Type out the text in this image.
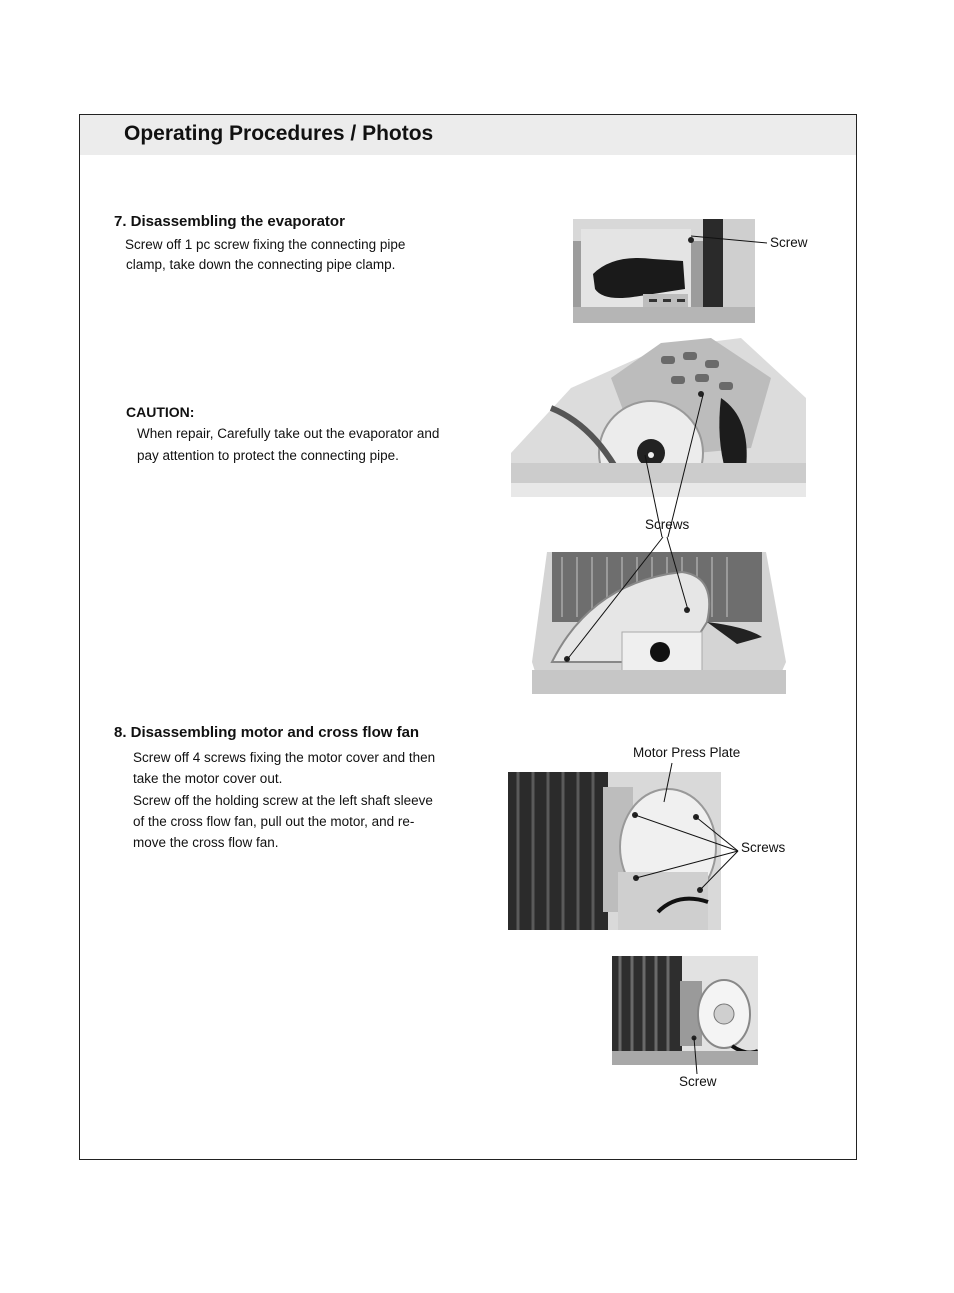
Operating Procedures / Photos
7. Disassembling the evaporator

Screw off 1 pc screw fixing the connecting pipe

clamp, take down the connecting pipe clamp.

CAUTION:

When repair, Carefully take out the evaporator and

pay attention to protect the connecting pipe.

8. Disassembling motor and cross flow fan

Screw off 4 screws fixing the motor cover and then

take the motor cover out.

Screw off the holding screw at the left shaft sleeve

of the cross flow fan, pull out the motor, and re-

move the cross flow fan.

Screw
Screws
Motor Press Plate
Screws
Screw
